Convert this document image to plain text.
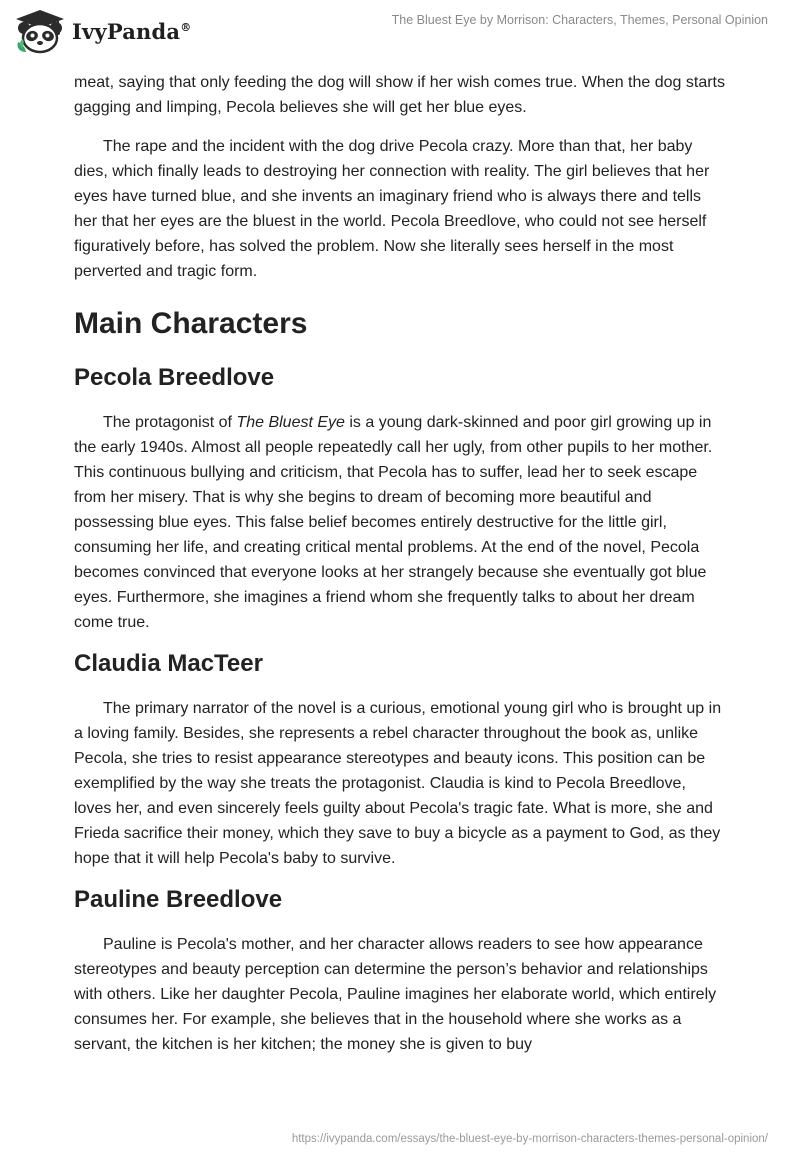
IvyPanda®	The Bluest Eye by Morrison: Characters, Themes, Personal Opinion

meat, saying that only feeding the dog will show if her wish comes true. When the dog starts gagging and limping, Pecola believes she will get her blue eyes.

The rape and the incident with the dog drive Pecola crazy. More than that, her baby dies, which finally leads to destroying her connection with reality. The girl believes that her eyes have turned blue, and she invents an imaginary friend who is always there and tells her that her eyes are the bluest in the world. Pecola Breedlove, who could not see herself figuratively before, has solved the problem. Now she literally sees herself in the most perverted and tragic form.

Main Characters
Pecola Breedlove

The protagonist of The Bluest Eye is a young dark-skinned and poor girl growing up in the early 1940s. Almost all people repeatedly call her ugly, from other pupils to her mother. This continuous bullying and criticism, that Pecola has to suffer, lead her to seek escape from her misery. That is why she begins to dream of becoming more beautiful and possessing blue eyes. This false belief becomes entirely destructive for the little girl, consuming her life, and creating critical mental problems. At the end of the novel, Pecola becomes convinced that everyone looks at her strangely because she eventually got blue eyes. Furthermore, she imagines a friend whom she frequently talks to about her dream come true.

Claudia MacTeer

The primary narrator of the novel is a curious, emotional young girl who is brought up in a loving family. Besides, she represents a rebel character throughout the book as, unlike Pecola, she tries to resist appearance stereotypes and beauty icons. This position can be exemplified by the way she treats the protagonist. Claudia is kind to Pecola Breedlove, loves her, and even sincerely feels guilty about Pecola's tragic fate. What is more, she and Frieda sacrifice their money, which they save to buy a bicycle as a payment to God, as they hope that it will help Pecola's baby to survive.

Pauline Breedlove

Pauline is Pecola's mother, and her character allows readers to see how appearance stereotypes and beauty perception can determine the person’s behavior and relationships with others. Like her daughter Pecola, Pauline imagines her elaborate world, which entirely consumes her. For example, she believes that in the household where she works as a servant, the kitchen is her kitchen; the money she is given to buy

https://ivypanda.com/essays/the-bluest-eye-by-morrison-characters-themes-personal-opinion/
